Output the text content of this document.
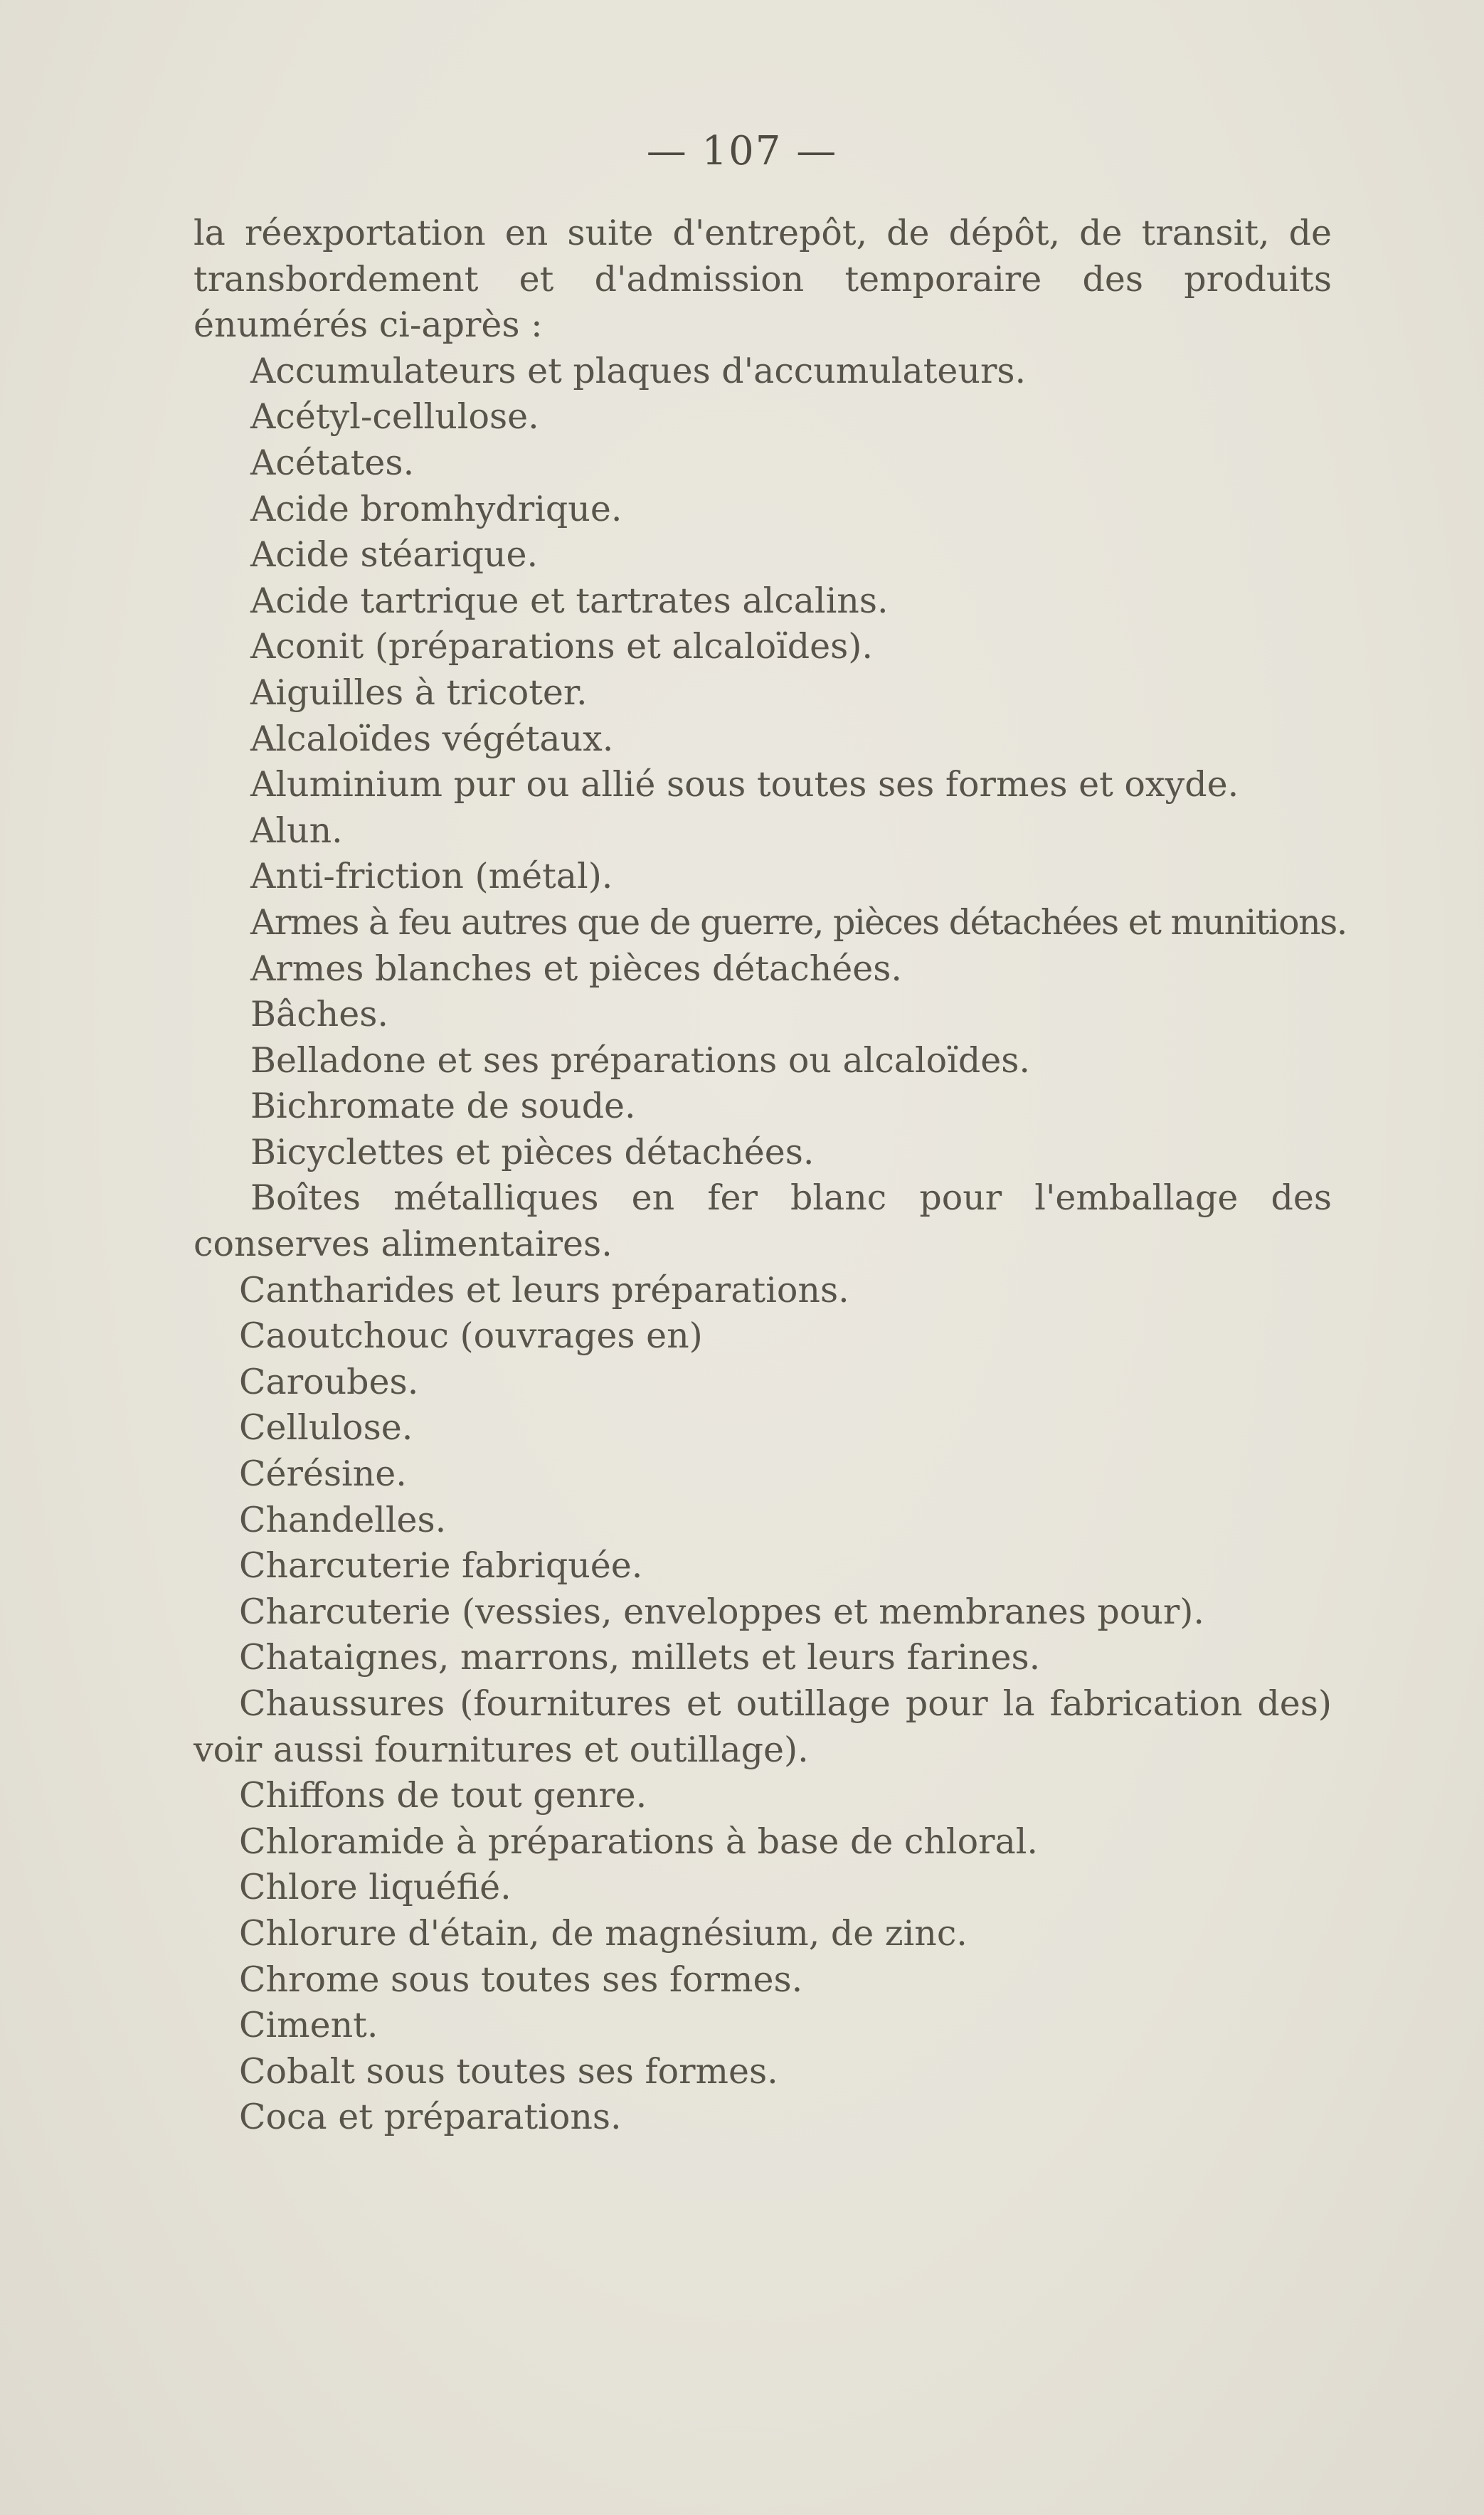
— 107 —

la réexportation en suite d'entrepôt, de dépôt, de transit, de transbordement et d'admission temporaire des produits énumérés ci-après :

Accumulateurs et plaques d'accumulateurs.

Acétyl-cellulose.

Acétates.

Acide bromhydrique.

Acide stéarique.

Acide tartrique et tartrates alcalins.

Aconit (préparations et alcaloïdes).

Aiguilles à tricoter.

Alcaloïdes végétaux.

Aluminium pur ou allié sous toutes ses formes et oxyde.

Alun.

Anti-friction (métal).

Armes à feu autres que de guerre, pièces détachées et munitions.

Armes blanches et pièces détachées.

Bâches.

Belladone et ses préparations ou alcaloïdes.

Bichromate de soude.

Bicyclettes et pièces détachées.

Boîtes métalliques en fer blanc pour l'emballage des conserves alimentaires.

Cantharides et leurs préparations.

Caoutchouc (ouvrages en)

Caroubes.

Cellulose.

Cérésine.

Chandelles.

Charcuterie fabriquée.

Charcuterie (vessies, enveloppes et membranes pour).

Chataignes, marrons, millets et leurs farines.

Chaussures (fournitures et outillage pour la fabrication des) voir aussi fournitures et outillage).

Chiffons de tout genre.

Chloramide à préparations à base de chloral.

Chlore liquéfié.

Chlorure d'étain, de magnésium, de zinc.

Chrome sous toutes ses formes.

Ciment.

Cobalt sous toutes ses formes.

Coca et préparations.
